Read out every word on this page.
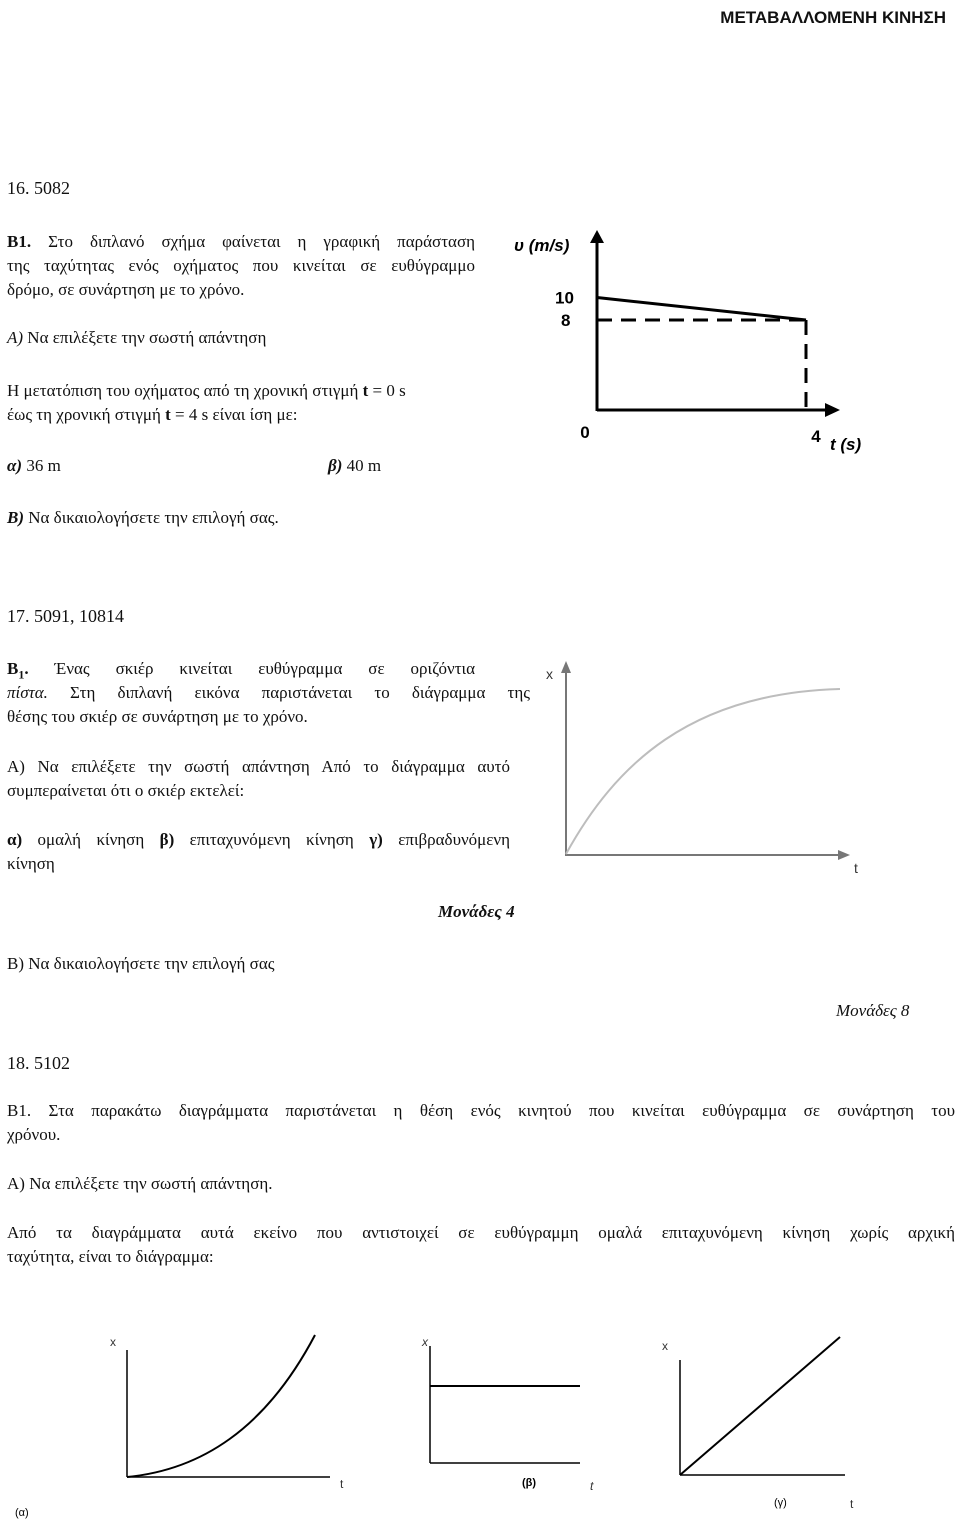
ΜΕΤΑΒΑΛΛΟΜΕΝΗ ΚΙΝΗΣΗ
16. 5082
Β1. Στο διπλανό σχήμα φαίνεται η γραφική παράσταση
της ταχύτητας ενός οχήματος που κινείται σε ευθύγραμμο
δρόμο, σε συνάρτηση με το χρόνο.
Α) Να επιλέξετε την σωστή απάντηση
Η μετατόπιση του οχήματος από τη χρονική στιγμή t = 0 s
έως τη χρονική στιγμή t = 4 s είναι ίση με:
α) 36 m	β) 40 m
Β) Να δικαιολογήσετε την επιλογή σας.
υ (m/s)
10
8
0	4 t (s)
17. 5091, 10814
$B_1$. Ένας σκιέρ κινείται ευθύγραμμα σε οριζόντια
πίστα. Στη διπλανή εικόνα παριστάνεται το διάγραμμα της
θέσης του σκιέρ σε συνάρτηση με το χρόνο.
Α) Να επιλέξετε την σωστή απάντηση Από το διάγραμμα αυτό
συμπεραίνεται ότι ο σκιέρ εκτελεί:
α) ομαλή κίνηση β) επιταχυνόμενη κίνηση γ) επιβραδυνόμενη
κίνηση
Μονάδες 4
Β) Να δικαιολογήσετε την επιλογή σας
Μονάδες 8
x
t
18. 5102
Β1. Στα παρακάτω διαγράμματα παριστάνεται η θέση ενός κινητού που κινείται ευθύγραμμα σε συνάρτηση του
χρόνου.
Α) Να επιλέξετε την σωστή απάντηση.
Από τα διαγράμματα αυτά εκείνο που αντιστοιχεί σε ευθύγραμμη ομαλά επιταχυνόμενη κίνηση χωρίς αρχική
ταχύτητα, είναι το διάγραμμα:
x
t
(α)
x
(β)	t
x
(γ)	t
